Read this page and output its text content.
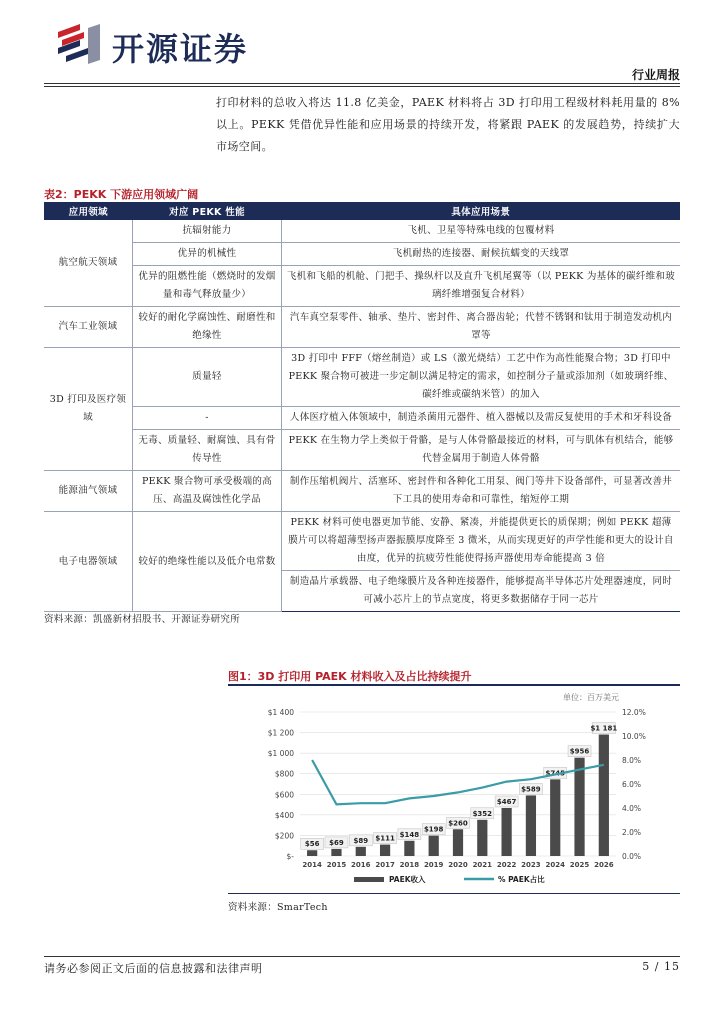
开源证券
行业周报
打印材料的总收入将达 11.8 亿美金，PAEK 材料将占 3D 打印用工程级材料耗用量的 8%以上。PEKK 凭借优异性能和应用场景的持续开发，将紧跟 PAEK 的发展趋势，持续扩大市场空间。
表2：PEKK 下游应用领域广阔
应用领域	对应 PEKK 性能	具体应用场景
航空航天领域	抗辐射能力	飞机、卫星等特殊电线的包覆材料
	优异的机械性	飞机耐热的连接器、耐候抗蠕变的天线罩
	优异的阻燃性能（燃烧时的发烟量和毒气释放量少）	飞机和飞船的机舱、门把手、操纵杆以及直升飞机尾翼等（以 PEKK 为基体的碳纤维和玻璃纤维增强复合材料）
汽车工业领域	较好的耐化学腐蚀性、耐磨性和绝缘性	汽车真空泵零件、轴承、垫片、密封件、离合器齿轮；代替不锈钢和钛用于制造发动机内罩等
3D 打印及医疗领域	质量轻	3D 打印中 FFF（熔丝制造）或 LS（激光烧结）工艺中作为高性能聚合物；3D 打印中 PEKK 聚合物可被进一步定制以满足特定的需求，如控制分子量或添加剂（如玻璃纤维、碳纤维或碳纳米管）的加入
	-	人体医疗植入体领域中，制造杀菌用元器件、植入器械以及需反复使用的手术和牙科设备
	无毒、质量轻、耐腐蚀、具有骨传导性	PEKK 在生物力学上类似于骨骼，是与人体骨骼最接近的材料，可与肌体有机结合，能够代替金属用于制造人体骨骼
能源油气领域	PEKK 聚合物可承受极端的高压、高温及腐蚀性化学品	制作压缩机阀片、活塞环、密封件和各种化工用泵、阀门等井下设备部件，可显著改善井下工具的使用寿命和可靠性，缩短停工期
电子电器领域	较好的绝缘性能以及低介电常数	PEKK 材料可使电器更加节能、安静、紧凑，并能提供更长的质保期；例如 PEKK 超薄膜片可以将超薄型扬声器振膜厚度降至 3 微米，从而实现更好的声学性能和更大的设计自由度，优异的抗疲劳性能使得扬声器使用寿命能提高 3 倍
		制造晶片承载器、电子绝缘膜片及各种连接器件，能够提高半导体芯片处理器速度，同时可减小芯片上的节点宽度，将更多数据储存于同一芯片
资料来源：凯盛新材招股书、开源证券研究所
图1：3D 打印用 PAEK 材料收入及占比持续提升
单位：百万美元
$-
$200
$400
$600
$800
$1 000
$1 200
$1 400
0.0%
2.0%
4.0%
6.0%
8.0%
10.0%
12.0%
$56
2014
$69
2015
$89
2016
$111
2017
$148
2018
$198
2019
$260
2020
$352
2021
$467
2022
$589
2023
$745
2024
$956
2025
$1 181
2026
PAEK收入	% PAEK占比
资料来源：SmarTech
请务必参阅正文后面的信息披露和法律声明	5 / 15
